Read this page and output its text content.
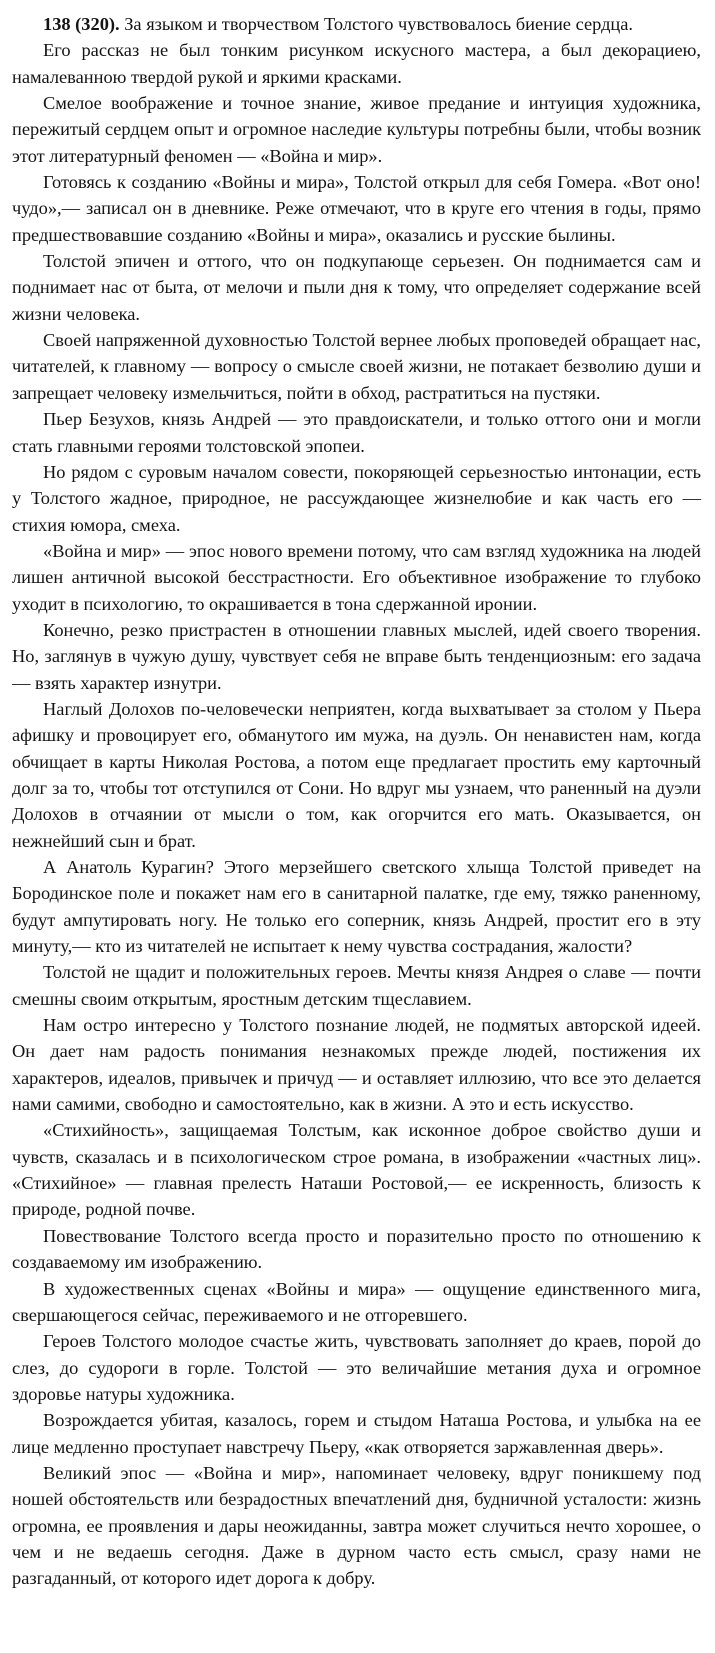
138 (320). За языком и творчеством Толстого чувствовалось биение сердца.

Его рассказ не был тонким рисунком искусного мастера, а был декорациею, намалеванною твердой рукой и яркими красками.

Смелое воображение и точное знание, живое предание и интуиция художника, пережитый сердцем опыт и огромное наследие культуры потребны были, чтобы возник этот литературный феномен — «Война и мир».

Готовясь к созданию «Войны и мира», Толстой открыл для себя Гомера. «Вот оно! чудо»,— записал он в дневнике. Реже отмечают, что в круге его чтения в годы, прямо предшествовавшие созданию «Войны и мира», оказались и русские былины.

Толстой эпичен и оттого, что он подкупающе серьезен. Он поднимается сам и поднимает нас от быта, от мелочи и пыли дня к тому, что определяет содержание всей жизни человека.

Своей напряженной духовностью Толстой вернее любых проповедей обращает нас, читателей, к главному — вопросу о смысле своей жизни, не потакает безволию души и запрещает человеку измельчиться, пойти в обход, растратиться на пустяки.

Пьер Безухов, князь Андрей — это правдоискатели, и только оттого они и могли стать главными героями толстовской эпопеи.

Но рядом с суровым началом совести, покоряющей серьезностью интонации, есть у Толстого жадное, природное, не рассуждающее жизнелюбие и как часть его — стихия юмора, смеха.

«Война и мир» — эпос нового времени потому, что сам взгляд художника на людей лишен античной высокой бесстрастности. Его объективное изображение то глубоко уходит в психологию, то окрашивается в тона сдержанной иронии.

Конечно, резко пристрастен в отношении главных мыслей, идей своего творения. Но, заглянув в чужую душу, чувствует себя не вправе быть тенденциозным: его задача — взять характер изнутри.

Наглый Долохов по-человечески неприятен, когда выхватывает за столом у Пьера афишку и провоцирует его, обманутого им мужа, на дуэль. Он ненавистен нам, когда обчищает в карты Николая Ростова, а потом еще предлагает простить ему карточный долг за то, чтобы тот отступился от Сони. Но вдруг мы узнаем, что раненный на дуэли Долохов в отчаянии от мысли о том, как огорчится его мать. Оказывается, он нежнейший сын и брат.

А Анатоль Курагин? Этого мерзейшего светского хлыща Толстой приведет на Бородинское поле и покажет нам его в санитарной палатке, где ему, тяжко раненному, будут ампутировать ногу. Не только его соперник, князь Андрей, простит его в эту минуту,— кто из читателей не испытает к нему чувства сострадания, жалости?

Толстой не щадит и положительных героев. Мечты князя Андрея о славе — почти смешны своим открытым, яростным детским тщеславием.

Нам остро интересно у Толстого познание людей, не подмятых авторской идеей. Он дает нам радость понимания незнакомых прежде людей, постижения их характеров, идеалов, привычек и причуд — и оставляет иллюзию, что все это делается нами самими, свободно и самостоятельно, как в жизни. А это и есть искусство.

«Стихийность», защищаемая Толстым, как исконное доброе свойство души и чувств, сказалась и в психологическом строе романа, в изображении «частных лиц». «Стихийное» — главная прелесть Наташи Ростовой,— ее искренность, близость к природе, родной почве.

Повествование Толстого всегда просто и поразительно просто по отношению к создаваемому им изображению.

В художественных сценах «Войны и мира» — ощущение единственного мига, свершающегося сейчас, переживаемого и не отгоревшего.

Героев Толстого молодое счастье жить, чувствовать заполняет до краев, порой до слез, до судороги в горле. Толстой — это величайшие метания духа и огромное здоровье натуры художника.

Возрождается убитая, казалось, горем и стыдом Наташа Ростова, и улыбка на ее лице медленно проступает навстречу Пьеру, «как отворяется заржавленная дверь».

Великий эпос — «Война и мир», напоминает человеку, вдруг поникшему под ношей обстоятельств или безрадостных впечатлений дня, будничной усталости: жизнь огромна, ее проявления и дары неожиданны, завтра может случиться нечто хорошее, о чем и не ведаешь сегодня. Даже в дурном часто есть смысл, сразу нами не разгаданный, от которого идет дорога к добру.
